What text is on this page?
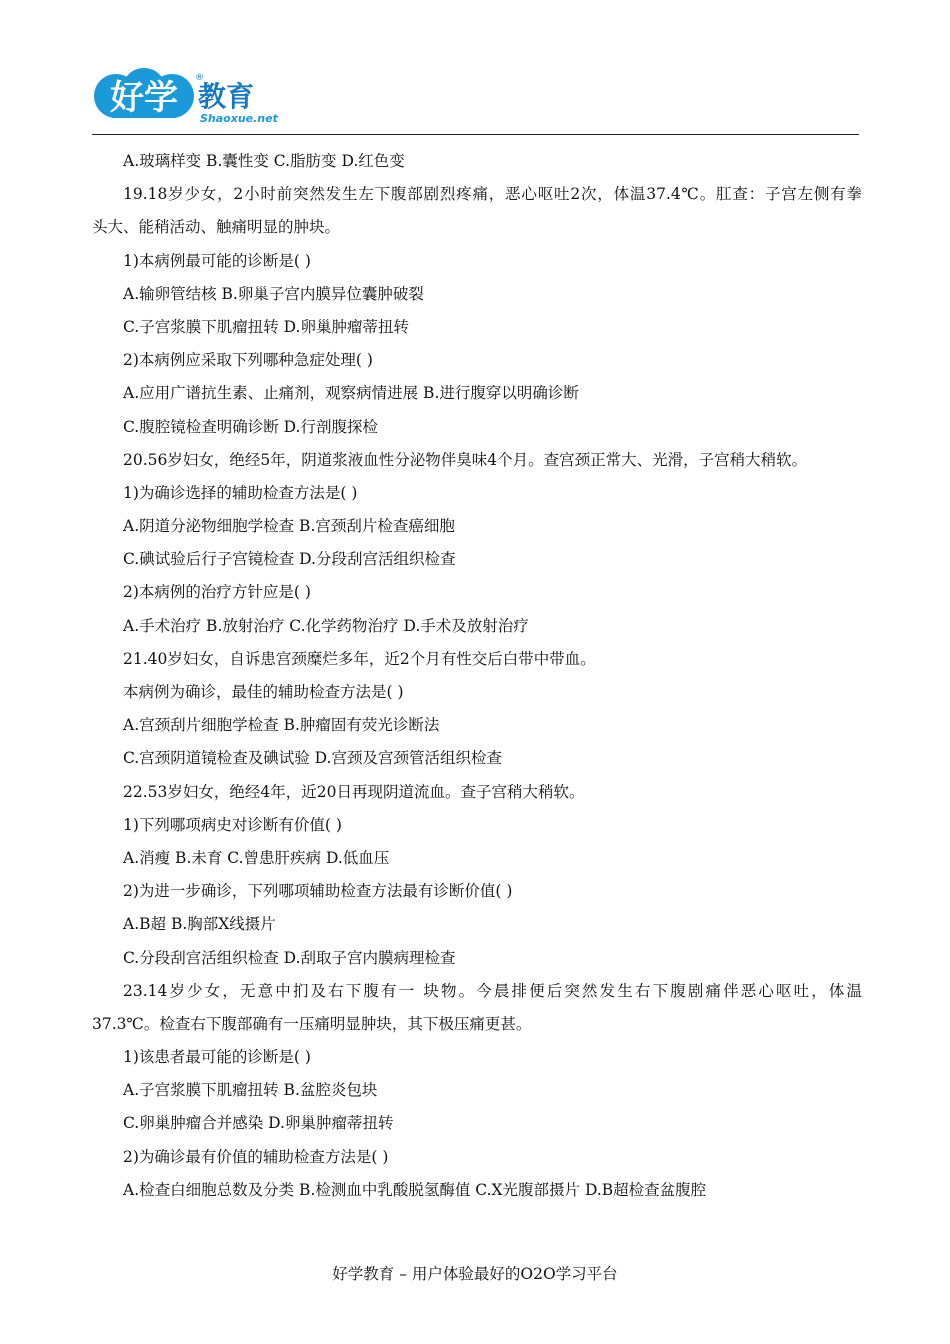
好学 ®
教育
Shaoxue.net
A.玻璃样变 B.囊性变 C.脂肪变 D.红色变
19.18岁少女，2小时前突然发生左下腹部剧烈疼痛，恶心呕吐2次，体温37.4℃。肛查：子宫左侧有拳
头大、能稍活动、触痛明显的肿块。
1)本病例最可能的诊断是( )
A.输卵管结核 B.卵巢子宫内膜异位囊肿破裂
C.子宫浆膜下肌瘤扭转 D.卵巢肿瘤蒂扭转
2)本病例应采取下列哪种急症处理( )
A.应用广谱抗生素、止痛剂，观察病情进展 B.进行腹穿以明确诊断
C.腹腔镜检查明确诊断 D.行剖腹探检
20.56岁妇女，绝经5年，阴道浆液血性分泌物伴臭味4个月。查宫颈正常大、光滑，子宫稍大稍软。
1)为确诊选择的辅助检查方法是( )
A.阴道分泌物细胞学检查 B.宫颈刮片检查癌细胞
C.碘试验后行子宫镜检查 D.分段刮宫活组织检查
2)本病例的治疗方针应是( )
A.手术治疗 B.放射治疗 C.化学药物治疗 D.手术及放射治疗
21.40岁妇女，自诉患宫颈糜烂多年，近2个月有性交后白带中带血。
本病例为确诊，最佳的辅助检查方法是( )
A.宫颈刮片细胞学检查 B.肿瘤固有荧光诊断法
C.宫颈阴道镜检查及碘试验 D.宫颈及宫颈管活组织检查
22.53岁妇女，绝经4年，近20日再现阴道流血。查子宫稍大稍软。
1)下列哪项病史对诊断有价值( )
A.消瘦 B.未育 C.曾患肝疾病 D.低血压
2)为进一步确诊，下列哪项辅助检查方法最有诊断价值( )
A.B超 B.胸部X线摄片
C.分段刮宫活组织检查 D.刮取子宫内膜病理检查
23.14岁少女，无意中扪及右下腹有一 块物。今晨排便后突然发生右下腹剧痛伴恶心呕吐，体温
37.3℃。检查右下腹部确有一压痛明显肿块，其下极压痛更甚。
1)该患者最可能的诊断是( )
A.子宫浆膜下肌瘤扭转 B.盆腔炎包块
C.卵巢肿瘤合并感染 D.卵巢肿瘤蒂扭转
2)为确诊最有价值的辅助检查方法是( )
A.检查白细胞总数及分类 B.检测血中乳酸脱氢酶值 C.X光腹部摄片 D.B超检查盆腹腔
好学教育 – 用户体验最好的O2O学习平台
